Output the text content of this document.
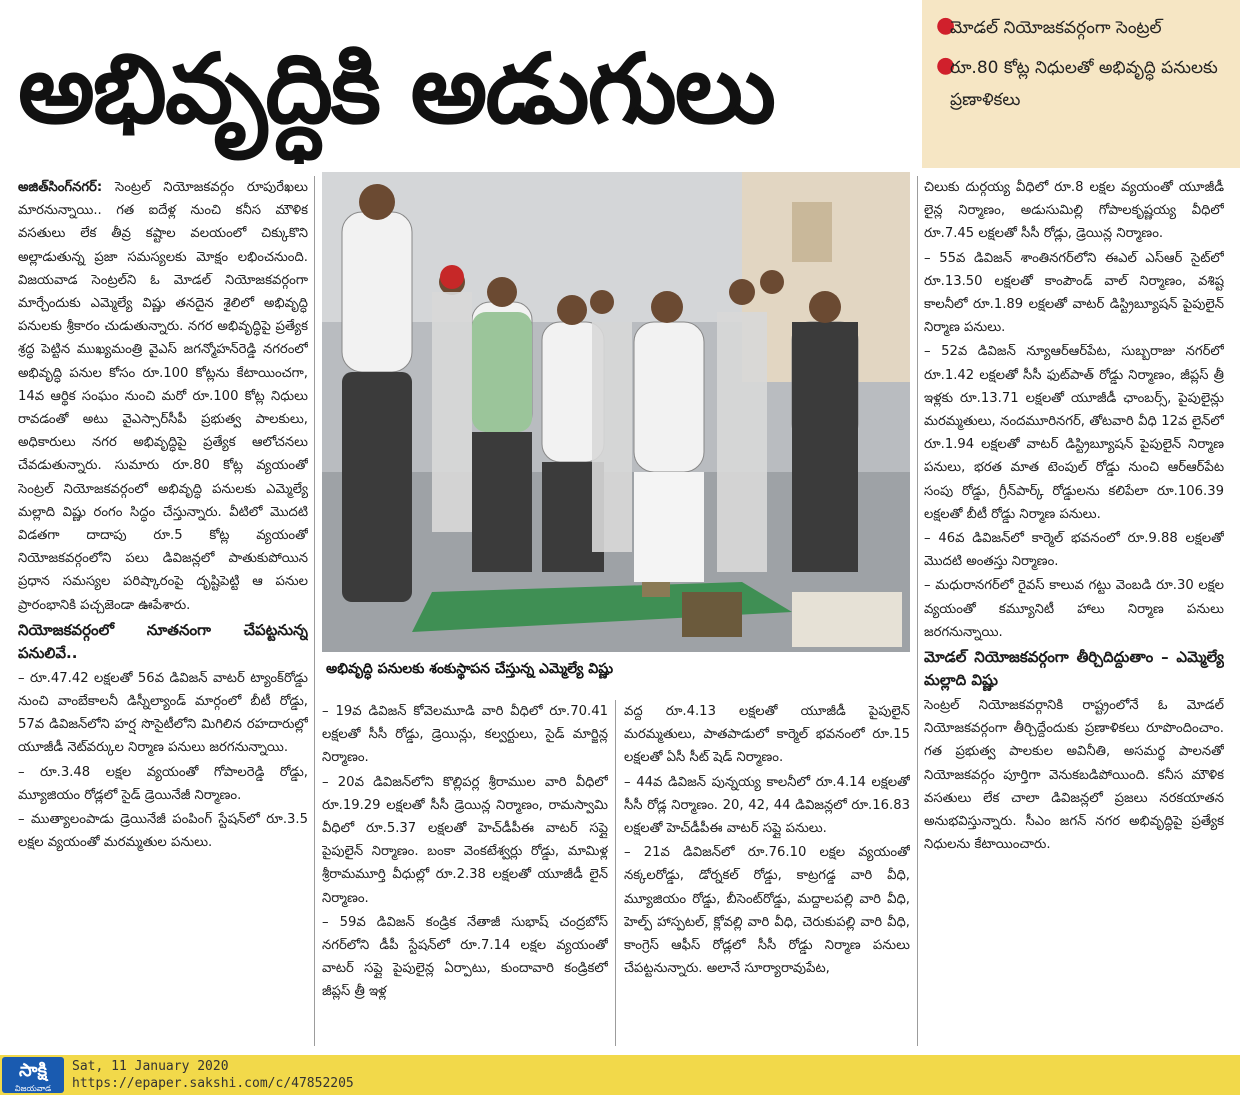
అభివృద్ధికి అడుగులు
●
మోడల్ నియోజకవర్గంగా సెంట్రల్
●
రూ.80 కోట్ల నిధులతో అభివృద్ధి పనులకు ప్రణాళికలు

అజిత్‌సింగ్‌నగర్: సెంట్రల్ నియోజకవర్గం రూపురేఖలు మారనున్నాయి.. గత ఐదేళ్ల నుంచి కనీస మౌళిక వసతులు లేక తీవ్ర కష్టాల వలయంలో చిక్కుకొని అల్లాడుతున్న ప్రజా సమస్యలకు మోక్షం లభించనుంది. విజయవాడ సెంట్రల్‌ని ఓ మోడల్ నియోజకవర్గంగా మార్చేందుకు ఎమ్మెల్యే విష్ణు తనదైన శైలిలో అభివృద్ధి పనులకు శ్రీకారం చుడుతున్నారు. నగర అభివృద్ధిపై ప్రత్యేక శ్రద్ధ పెట్టిన ముఖ్యమంత్రి వైఎస్ జగన్మోహన్‌రెడ్డి నగరంలో అభివృద్ధి పనుల కోసం రూ.100 కోట్లను కేటాయించగా, 14వ ఆర్థిక సంఘం నుంచి మరో రూ.100 కోట్ల నిధులు రావడంతో అటు వైఎస్సార్‌సీపీ ప్రభుత్వ పాలకులు, అధికారులు నగర అభివృద్ధిపై ప్రత్యేక ఆలోచనలు చేవడుతున్నారు. సుమారు రూ.80 కోట్ల వ్యయంతో సెంట్రల్ నియోజకవర్గంలో అభివృద్ధి పనులకు ఎమ్మెల్యే మల్లాది విష్ణు రంగం సిద్ధం చేస్తున్నారు. వీటిలో మొదటి విడతగా దాదాపు రూ.5 కోట్ల వ్యయంతో నియోజకవర్గంలోని పలు డివిజన్లలో పాతుకుపోయిన ప్రధాన సమస్యల పరిష్కారంపై దృష్టిపెట్టి ఆ పనుల ప్రారంభానికి పచ్చజెండా ఊపేశారు.

నియోజకవర్గంలో నూతనంగా చేపట్టనున్న పనులివే..

– రూ.47.42 లక్షలతో 56వ డివిజన్ వాటర్ ట్యాంక్‌రోడ్డు నుంచి వాంబేకాలనీ డిస్నీల్యాండ్ మార్గంలో బీటీ రోడ్డు, 57వ డివిజన్‌లోని హర్ష సొసైటీలోని మిగిలిన రహదారుల్లో యూజీడీ నెట్‌వర్కుల నిర్మాణ పనులు జరగనున్నాయి.

– రూ.3.48 లక్షల వ్యయంతో గోపాలరెడ్డి రోడ్డు, మ్యూజియం రోడ్లలో సైడ్ డ్రెయినేజీ నిర్మాణం.

– ముత్యాలంపాడు డ్రెయినేజీ పంపింగ్ స్టేషన్‌లో రూ.3.5 లక్షల వ్యయంతో మరమ్మతుల పనులు.

అభివృద్ధి పనులకు శంకుస్థాపన చేస్తున్న ఎమ్మెల్యే విష్ణు

– 19వ డివిజన్ కోవెలమూడి వారి వీధిలో రూ.70.41 లక్షలతో సీసీ రోడ్డు, డ్రెయిన్లు, కల్వర్టులు, సైడ్ మార్జిన్ల నిర్మాణం.

– 20వ డివిజన్‌లోని కొల్లిపర్ల శ్రీరాముల వారి వీధిలో రూ.19.29 లక్షలతో సీసీ డ్రెయిన్ల నిర్మాణం, రామస్వామి వీధిలో రూ.5.37 లక్షలతో హెచ్‌డీపీఈ వాటర్ సప్లై పైపులైన్ నిర్మాణం. బంకా వెంకటేశ్వర్లు రోడ్డు, మామిళ్ల శ్రీరామమూర్తి వీధుల్లో రూ.2.38 లక్షలతో యూజీడీ లైన్ నిర్మాణం.

– 59వ డివిజన్ కండ్రిక నేతాజీ సుభాష్ చంద్రబోస్ నగర్‌లోని డీపీ స్టేషన్‌లో రూ.7.14 లక్షల వ్యయంతో వాటర్ సప్లై పైపులైన్ల ఏర్పాటు, కుందావారి కండ్రికలో జీప్లస్ త్రీ ఇళ్ల

వద్ద రూ.4.13 లక్షలతో యూజీడీ పైపులైన్ మరమ్మతులు, పాతపాడులో కార్మెల్ భవనంలో రూ.15 లక్షలతో ఏసీ సీట్ షెడ్ నిర్మాణం.

– 44వ డివిజన్ పున్నయ్య కాలనీలో రూ.4.14 లక్షలతో సీసీ రోడ్ల నిర్మాణం. 20, 42, 44 డివిజన్లలో రూ.16.83 లక్షలతో హెచ్‌డీపీఈ వాటర్ సప్లై పనులు.

– 21వ డివిజన్‌లో రూ.76.10 లక్షల వ్యయంతో నక్కలరోడ్డు, డోర్నకల్ రోడ్డు, కాట్రగడ్డ వారి వీధి, మ్యూజియం రోడ్డు, బీసెంట్‌రోడ్డు, మద్దాలపల్లి వారి వీధి, హెల్ప్ హాస్పటల్, క్లోవల్లి వారి వీధి, చెరుకుపల్లి వారి వీధి, కాంగ్రెస్ ఆఫీస్ రోడ్లలో సీసీ రోడ్డు నిర్మాణ పనులు చేపట్టనున్నారు. అలానే సూర్యారావుపేట,

చిలుకు దుర్గయ్య వీధిలో రూ.8 లక్షల వ్యయంతో యూజీడీ లైన్ల నిర్మాణం, అడుసుమిల్లి గోపాలకృష్ణయ్య వీధిలో రూ.7.45 లక్షలతో సీసీ రోడ్లు, డ్రెయిన్ల నిర్మాణం.

– 55వ డివిజన్ శాంతినగర్‌లోని ఈఎల్ ఎస్ఆర్ సైట్‌లో రూ.13.50 లక్షలతో కాంపౌండ్ వాల్ నిర్మాణం, వశిష్ట కాలనీలో రూ.1.89 లక్షలతో వాటర్ డిస్ట్రిబ్యూషన్ పైపులైన్ నిర్మాణ పనులు.

– 52వ డివిజన్ న్యూఆర్ఆర్‌పేట, సుబ్బరాజు నగర్‌లో రూ.1.42 లక్షలతో సీసీ ఫుట్‌పాత్ రోడ్డు నిర్మాణం, జీప్లస్ త్రీ ఇళ్లకు రూ.13.71 లక్షలతో యూజీడీ ఛాంబర్స్, పైపులైన్లు మరమ్మతులు, నందమూరినగర్, తోటవారి వీధి 12వ లైన్‌లో రూ.1.94 లక్షలతో వాటర్ డిస్ట్రిబ్యూషన్ పైపులైన్ నిర్మాణ పనులు, భరత మాత టెంపుల్ రోడ్డు నుంచి ఆర్ఆర్‌పేట సంపు రోడ్డు, గ్రీన్‌పార్క్ రోడ్డులను కలిపేలా రూ.106.39 లక్షలతో బీటీ రోడ్డు నిర్మాణ పనులు.

– 46వ డివిజన్‌లో కార్మెల్ భవనంలో రూ.9.88 లక్షలతో మొదటి అంతస్తు నిర్మాణం.

– మధురానగర్‌లో రైవస్ కాలువ గట్టు వెంబడి రూ.30 లక్షల వ్యయంతో కమ్యూనిటీ హాలు నిర్మాణ పనులు జరగనున్నాయి.

మోడల్ నియోజకవర్గంగా తీర్చిదిద్దుతాం – ఎమ్మెల్యే మల్లాది విష్ణు

సెంట్రల్ నియోజకవర్గానికి రాష్ట్రంలోనే ఓ మోడల్ నియోజకవర్గంగా తీర్చిద్దేందుకు ప్రణాళికలు రూపొందించాం. గత ప్రభుత్వ పాలకుల అవినీతి, అసమర్థ పాలనతో నియోజకవర్గం పూర్తిగా వెనుకబడిపోయింది. కనీస మౌళిక వసతులు లేక చాలా డివిజన్లలో ప్రజలు నరకయాతన అనుభవిస్తున్నారు. సీఎం జగన్ నగర అభివృద్ధిపై ప్రత్యేక నిధులను కేటాయించారు.

సాక్షి
విజయవాడ
Sat, 11 January 2020
https://epaper.sakshi.com/c/47852205
